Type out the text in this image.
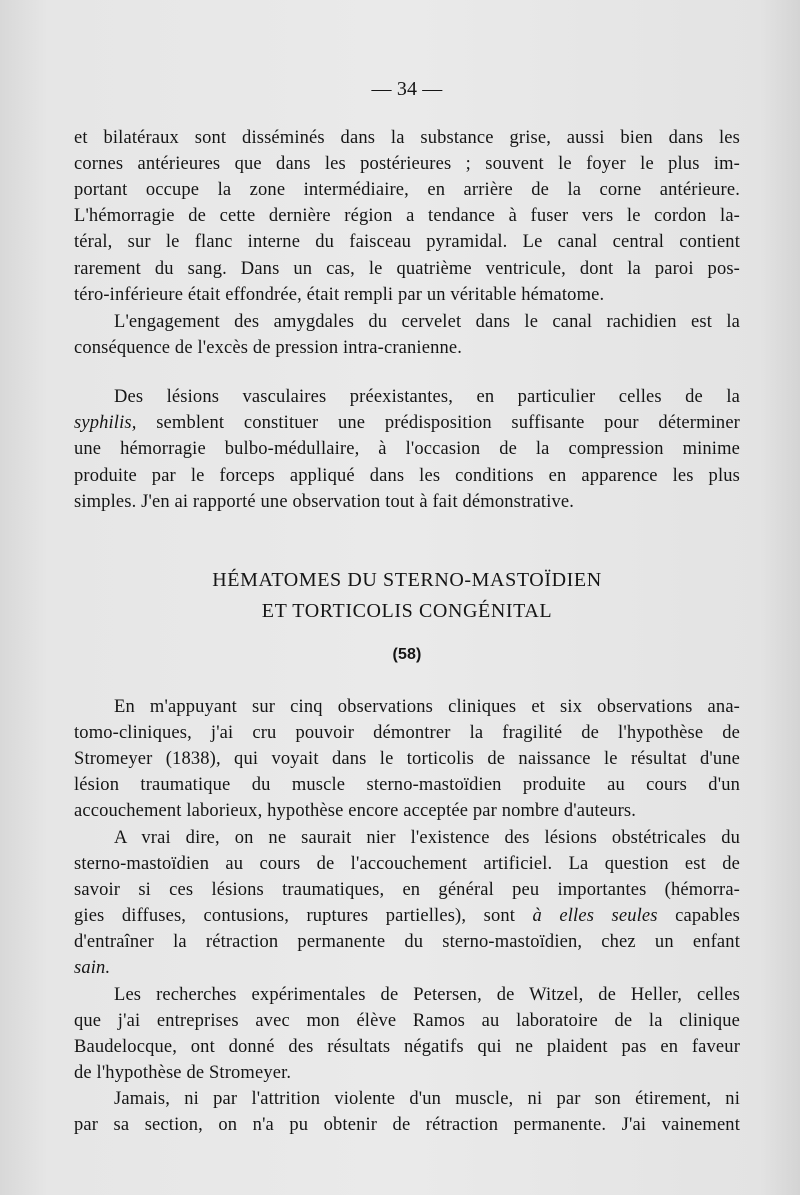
— 34 —
et bilatéraux sont disséminés dans la substance grise, aussi bien dans les
cornes antérieures que dans les postérieures ; souvent le foyer le plus im-
portant occupe la zone intermédiaire, en arrière de la corne antérieure.
L'hémorragie de cette dernière région a tendance à fuser vers le cordon la-
téral, sur le flanc interne du faisceau pyramidal. Le canal central contient
rarement du sang. Dans un cas, le quatrième ventricule, dont la paroi pos-
téro-inférieure était effondrée, était rempli par un véritable hématome.
L'engagement des amygdales du cervelet dans le canal rachidien est la
conséquence de l'excès de pression intra-cranienne.
Des lésions vasculaires préexistantes, en particulier celles de la
syphilis, semblent constituer une prédisposition suffisante pour déterminer
une hémorragie bulbo-médullaire, à l'occasion de la compression minime
produite par le forceps appliqué dans les conditions en apparence les plus
simples. J'en ai rapporté une observation tout à fait démonstrative.
HÉMATOMES DU STERNO-MASTOÏDIEN
ET TORTICOLIS CONGÉNITAL
(58)
En m'appuyant sur cinq observations cliniques et six observations ana-
tomo-cliniques, j'ai cru pouvoir démontrer la fragilité de l'hypothèse de
Stromeyer (1838), qui voyait dans le torticolis de naissance le résultat d'une
lésion traumatique du muscle sterno-mastoïdien produite au cours d'un
accouchement laborieux, hypothèse encore acceptée par nombre d'auteurs.
A vrai dire, on ne saurait nier l'existence des lésions obstétricales du
sterno-mastoïdien au cours de l'accouchement artificiel. La question est de
savoir si ces lésions traumatiques, en général peu importantes (hémorra-
gies diffuses, contusions, ruptures partielles), sont à elles seules capables
d'entraîner la rétraction permanente du sterno-mastoïdien, chez un enfant
sain.
Les recherches expérimentales de Petersen, de Witzel, de Heller, celles
que j'ai entreprises avec mon élève Ramos au laboratoire de la clinique
Baudelocque, ont donné des résultats négatifs qui ne plaident pas en faveur
de l'hypothèse de Stromeyer.
Jamais, ni par l'attrition violente d'un muscle, ni par son étirement, ni
par sa section, on n'a pu obtenir de rétraction permanente. J'ai vainement
